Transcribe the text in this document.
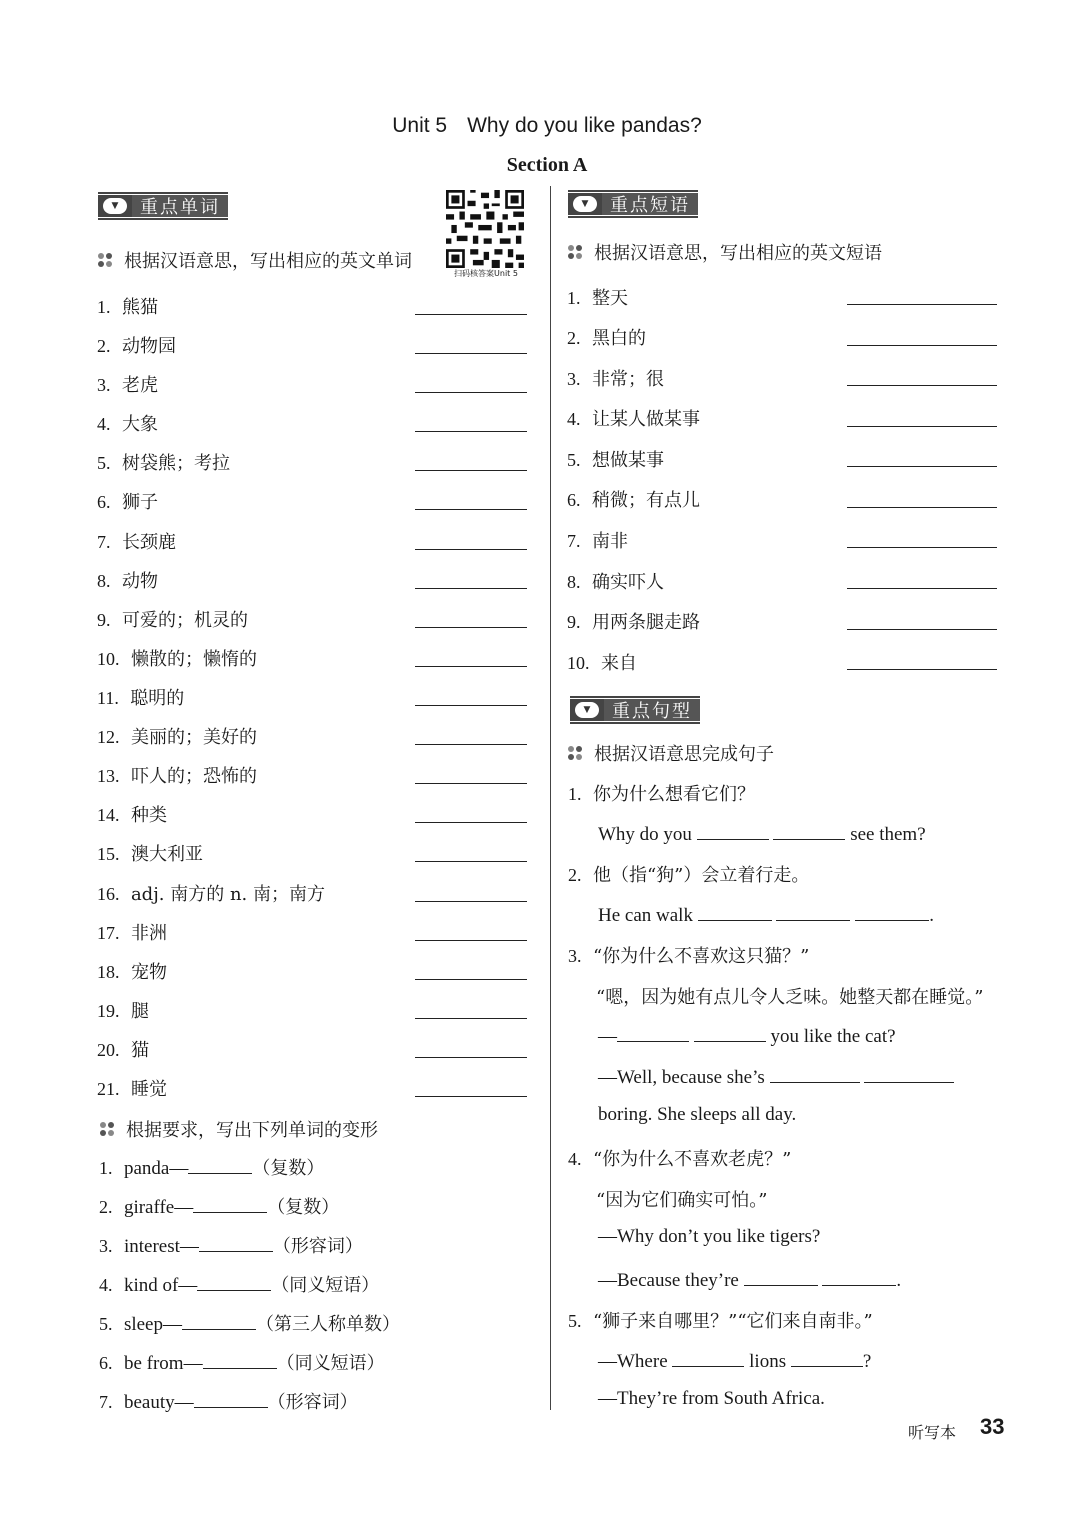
Unit 5 Why do you like pandas?
Section A
扫码核答案Unit 5
▼	重点单词
根据汉语意思，写出相应的英文单词
1. 熊猫
2. 动物园
3. 老虎
4. 大象
5. 树袋熊；考拉
6. 狮子
7. 长颈鹿
8. 动物
9. 可爱的；机灵的
10. 懒散的；懒惰的
11. 聪明的
12. 美丽的；美好的
13. 吓人的；恐怖的
14. 种类
15. 澳大利亚
16. adj. 南方的 n. 南；南方
17. 非洲
18. 宠物
19. 腿
20. 猫
21. 睡觉
根据要求，写出下列单词的变形
1. panda—	（复数）
2. giraffe—	（复数）
3. interest—	（形容词）
4. kind of—	（同义短语）
5. sleep—	（第三人称单数）
6. be from—	（同义短语）
7. beauty—	（形容词）
▼	重点短语
根据汉语意思，写出相应的英文短语
1. 整天
2. 黑白的
3. 非常；很
4. 让某人做某事
5. 想做某事
6. 稍微；有点儿
7. 南非
8. 确实吓人
9. 用两条腿走路
10. 来自
▼	重点句型
根据汉语意思完成句子
1. 你为什么想看它们？
Why do you	see them?
2. 他（指“狗”）会立着行走。
He can walk	.
3. “你为什么不喜欢这只猫？”
“嗯，因为她有点儿令人乏味。她整天都在睡觉。”
—	you like the cat?
—Well, because she’s
boring. She sleeps all day.
4. “你为什么不喜欢老虎？”
“因为它们确实可怕。”
—Why don’t you like tigers?
—Because they’re	.
5. “狮子来自哪里？”“它们来自南非。”
—Where	lions	?
—They’re from South Africa.
听写本 33
